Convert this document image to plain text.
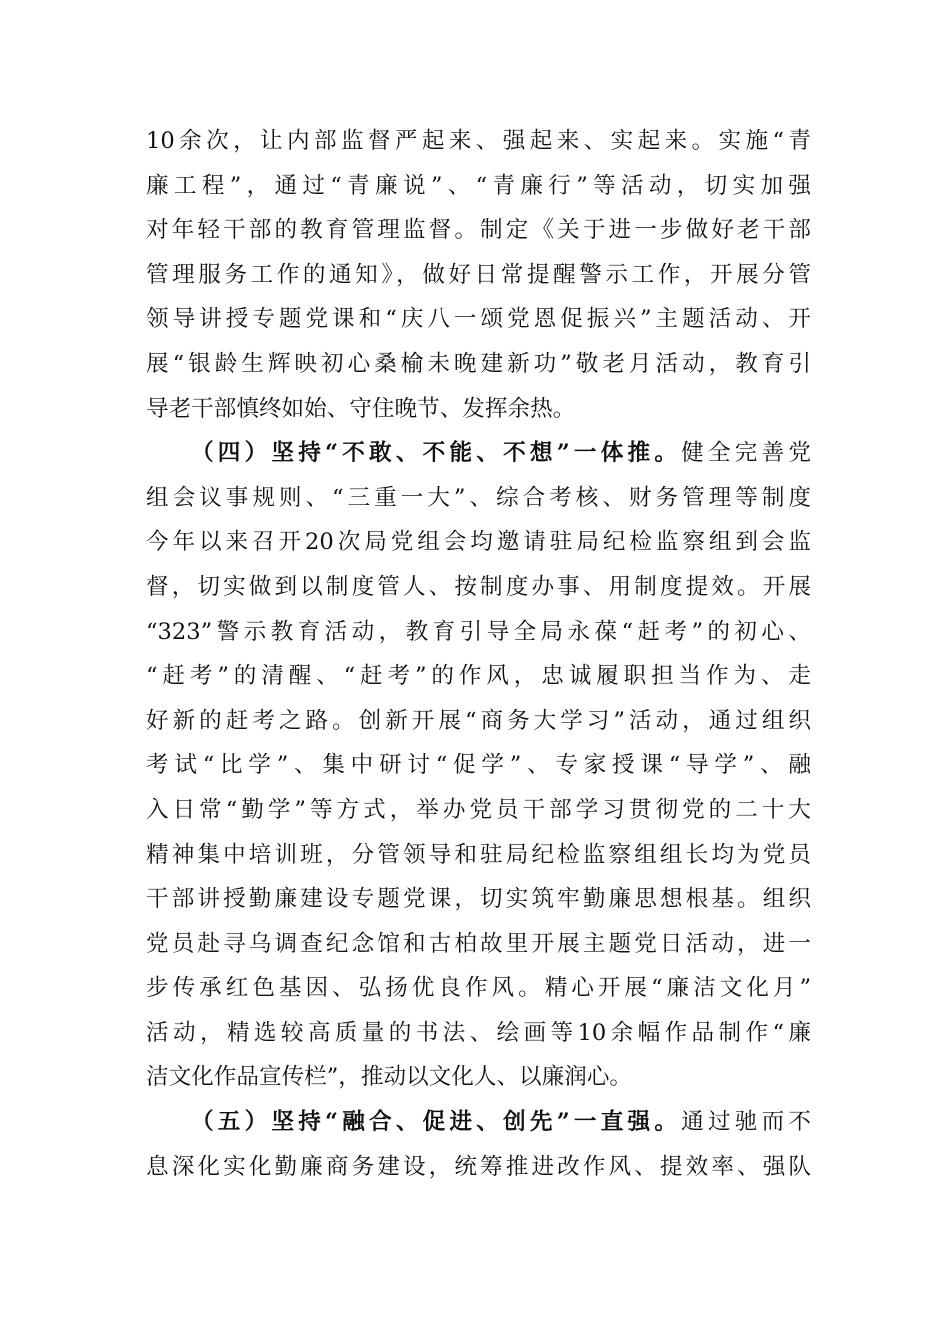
10余次，让内部监督严起来、强起来、实起来。实施“青
廉工程”，通过“青廉说”、“青廉行”等活动，切实加强
对年轻干部的教育管理监督。制定《关于进一步做好老干部
管理服务工作的通知》，做好日常提醒警示工作，开展分管
领导讲授专题党课和“庆八一颂党恩促振兴”主题活动、开
展“银龄生辉映初心桑榆未晚建新功”敬老月活动，教育引
导老干部慎终如始、守住晚节、发挥余热。
（四）坚持“不敢、不能、不想”一体推。健全完善党
组会议事规则、“三重一大”、综合考核、财务管理等制度
今年以来召开20次局党组会均邀请驻局纪检监察组到会监
督，切实做到以制度管人、按制度办事、用制度提效。开展
“323”警示教育活动，教育引导全局永葆“赶考”的初心、
“赶考”的清醒、“赶考”的作风，忠诚履职担当作为、走
好新的赶考之路。创新开展“商务大学习”活动，通过组织
考试“比学”、集中研讨“促学”、专家授课“导学”、融
入日常“勤学”等方式，举办党员干部学习贯彻党的二十大
精神集中培训班，分管领导和驻局纪检监察组组长均为党员
干部讲授勤廉建设专题党课，切实筑牢勤廉思想根基。组织
党员赴寻乌调查纪念馆和古柏故里开展主题党日活动，进一
步传承红色基因、弘扬优良作风。精心开展“廉洁文化月”
活动，精选较高质量的书法、绘画等10余幅作品制作“廉
洁文化作品宣传栏”，推动以文化人、以廉润心。
（五）坚持“融合、促进、创先”一直强。通过驰而不
息深化实化勤廉商务建设，统筹推进改作风、提效率、强队
